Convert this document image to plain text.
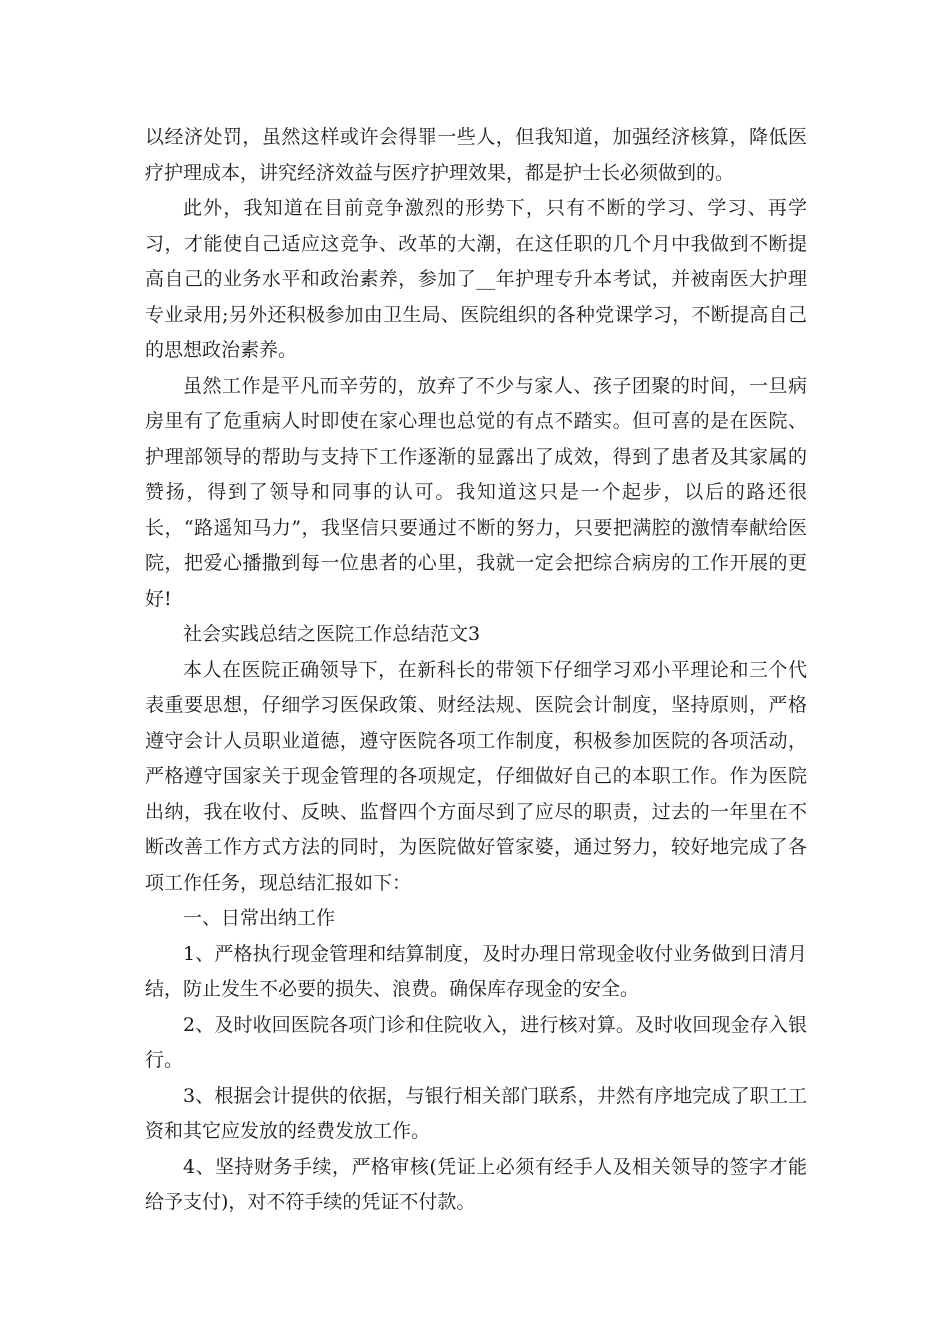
以经济处罚，虽然这样或许会得罪一些人，但我知道，加强经济核算，降低医疗护理成本，讲究经济效益与医疗护理效果，都是护士长必须做到的。

此外，我知道在目前竞争激烈的形势下，只有不断的学习、学习、再学习，才能使自己适应这竞争、改革的大潮，在这任职的几个月中我做到不断提高自己的业务水平和政治素养，参加了__年护理专升本考试，并被南医大护理专业录用;另外还积极参加由卫生局、医院组织的各种党课学习，不断提高自己的思想政治素养。

虽然工作是平凡而辛劳的，放弃了不少与家人、孩子团聚的时间，一旦病房里有了危重病人时即使在家心理也总觉的有点不踏实。但可喜的是在医院、护理部领导的帮助与支持下工作逐渐的显露出了成效，得到了患者及其家属的赞扬，得到了领导和同事的认可。我知道这只是一个起步，以后的路还很长，“路遥知马力”，我坚信只要通过不断的努力，只要把满腔的激情奉献给医院，把爱心播撒到每一位患者的心里，我就一定会把综合病房的工作开展的更好!

社会实践总结之医院工作总结范文3

本人在医院正确领导下，在新科长的带领下仔细学习邓小平理论和三个代表重要思想，仔细学习医保政策、财经法规、医院会计制度，坚持原则，严格遵守会计人员职业道德，遵守医院各项工作制度，积极参加医院的各项活动，严格遵守国家关于现金管理的各项规定，仔细做好自己的本职工作。作为医院出纳，我在收付、反映、监督四个方面尽到了应尽的职责，过去的一年里在不断改善工作方式方法的同时，为医院做好管家婆，通过努力，较好地完成了各项工作任务，现总结汇报如下：

一、日常出纳工作

1、严格执行现金管理和结算制度，及时办理日常现金收付业务做到日清月结，防止发生不必要的损失、浪费。确保库存现金的安全。

2、及时收回医院各项门诊和住院收入，进行核对算。及时收回现金存入银行。

3、根据会计提供的依据，与银行相关部门联系，井然有序地完成了职工工资和其它应发放的经费发放工作。

4、坚持财务手续，严格审核(凭证上必须有经手人及相关领导的签字才能给予支付)，对不符手续的凭证不付款。
